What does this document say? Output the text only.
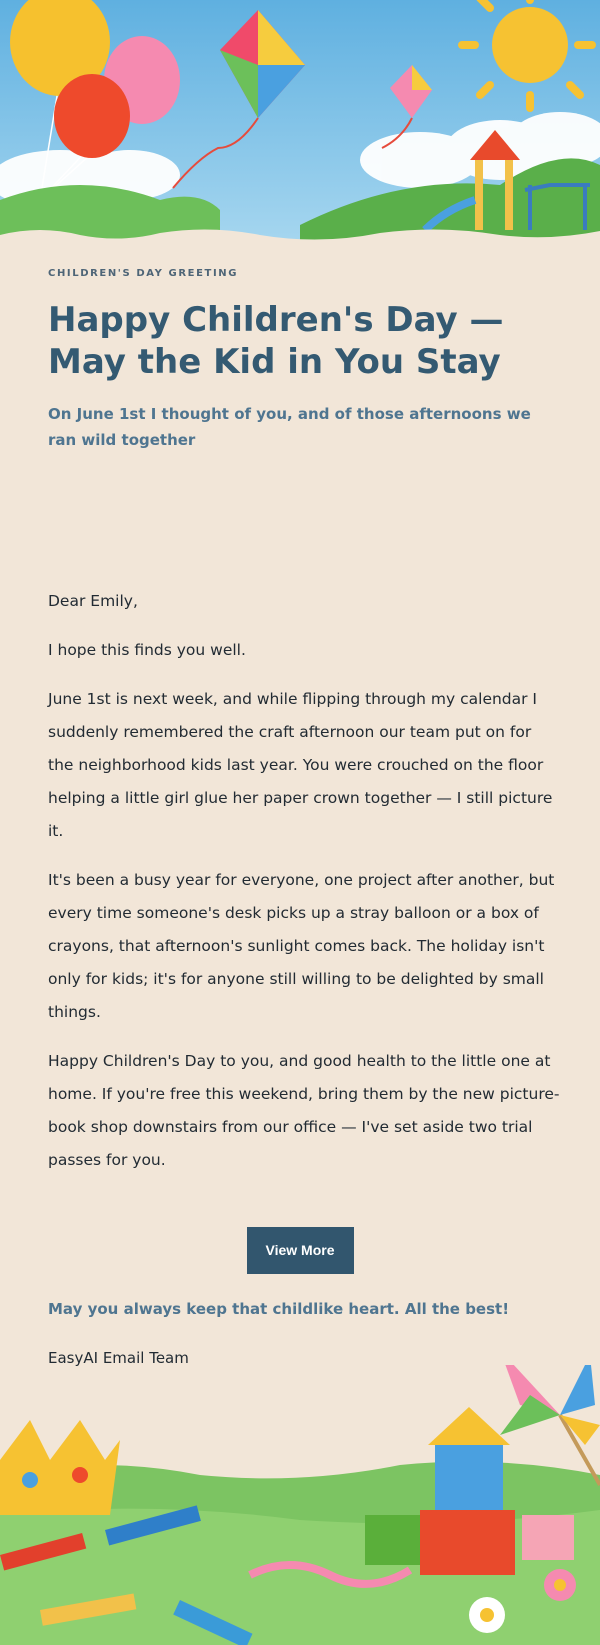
CHILDREN'S DAY GREETING

Happy Children's Day — May the Kid in You Stay

On June 1st I thought of you, and of those afternoons we ran wild together

Dear Emily,

I hope this finds you well.

June 1st is next week, and while flipping through my calendar I suddenly remembered the craft afternoon our team put on for the neighborhood kids last year. You were crouched on the floor helping a little girl glue her paper crown together — I still picture it.

It's been a busy year for everyone, one project after another, but every time someone's desk picks up a stray balloon or a box of crayons, that afternoon's sunlight comes back. The holiday isn't only for kids; it's for anyone still willing to be delighted by small things.

Happy Children's Day to you, and good health to the little one at home. If you're free this weekend, bring them by the new picture-book shop downstairs from our office — I've set aside two trial passes for you.

View More
May you always keep that childlike heart. All the best!
EasyAI Email Team
